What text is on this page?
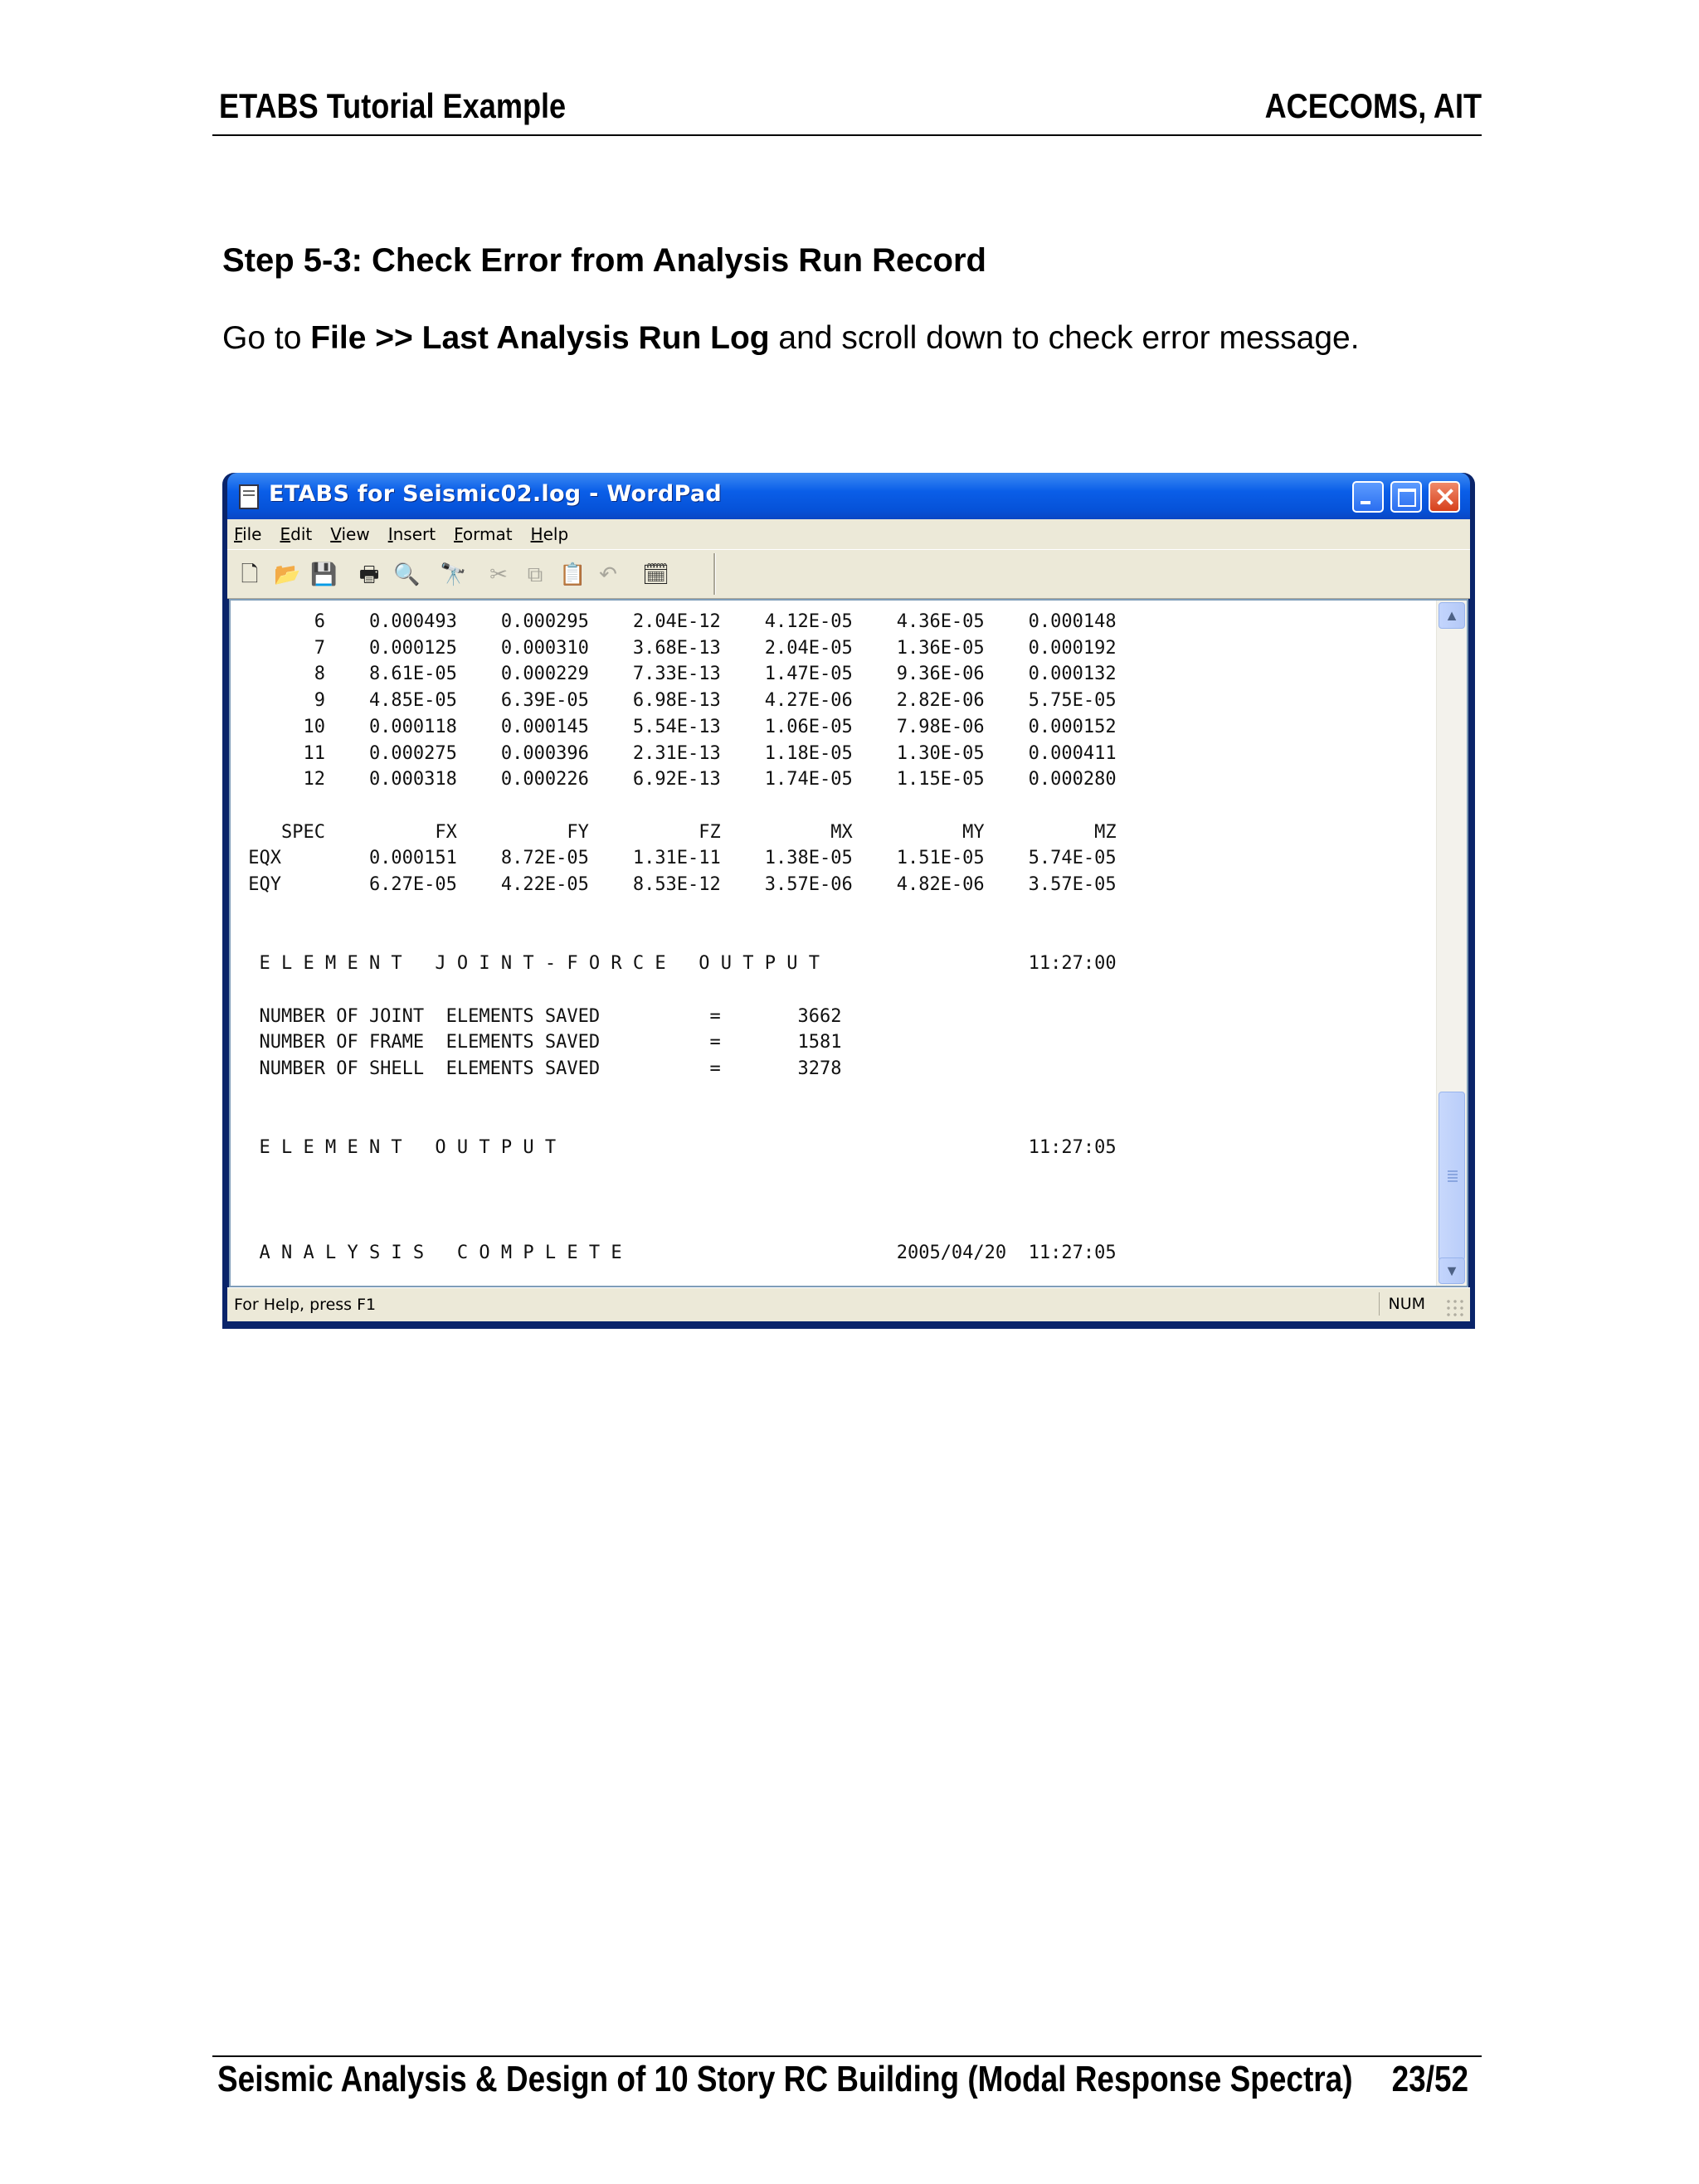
ETABS Tutorial Example	ACECOMS, AIT
Step 5-3: Check Error from Analysis Run Record
Go to File >> Last Analysis Run Log and scroll down to check error message.
ETABS for Seismic02.log - WordPad
File Edit View Insert Format Help
🗋 📂 💾 🖶 🔍 🔭 ✂ ⧉ 📋 ↶ 🗓
6    0.000493    0.000295    2.04E-12    4.12E-05    4.36E-05    0.000148
7    0.000125    0.000310    3.68E-13    2.04E-05    1.36E-05    0.000192
8    8.61E-05    0.000229    7.33E-13    1.47E-05    9.36E-06    0.000132
9    4.85E-05    6.39E-05    6.98E-13    4.27E-06    2.82E-06    5.75E-05
10    0.000118    0.000145    5.54E-13    1.06E-05    7.98E-06    0.000152
11    0.000275    0.000396    2.31E-13    1.18E-05    1.30E-05    0.000411
12    0.000318    0.000226    6.92E-13    1.74E-05    1.15E-05    0.000280

SPEC          FX          FY          FZ          MX          MY          MZ
EQX        0.000151    8.72E-05    1.31E-11    1.38E-05    1.51E-05    5.74E-05
EQY        6.27E-05    4.22E-05    8.53E-12    3.57E-06    4.82E-06    3.57E-05

E L E M E N T   J O I N T - F O R C E   O U T P U T                   11:27:00

NUMBER OF JOINT  ELEMENTS SAVED          =       3662
NUMBER OF FRAME  ELEMENTS SAVED          =       1581
NUMBER OF SHELL  ELEMENTS SAVED          =       3278

E L E M E N T   O U T P U T                                           11:27:05

A N A L Y S I S   C O M P L E T E                         2005/04/20  11:27:05
▲
▼
For Help, press F1	NUM
Seismic Analysis & Design of 10 Story RC Building (Modal Response Spectra) 23/52
